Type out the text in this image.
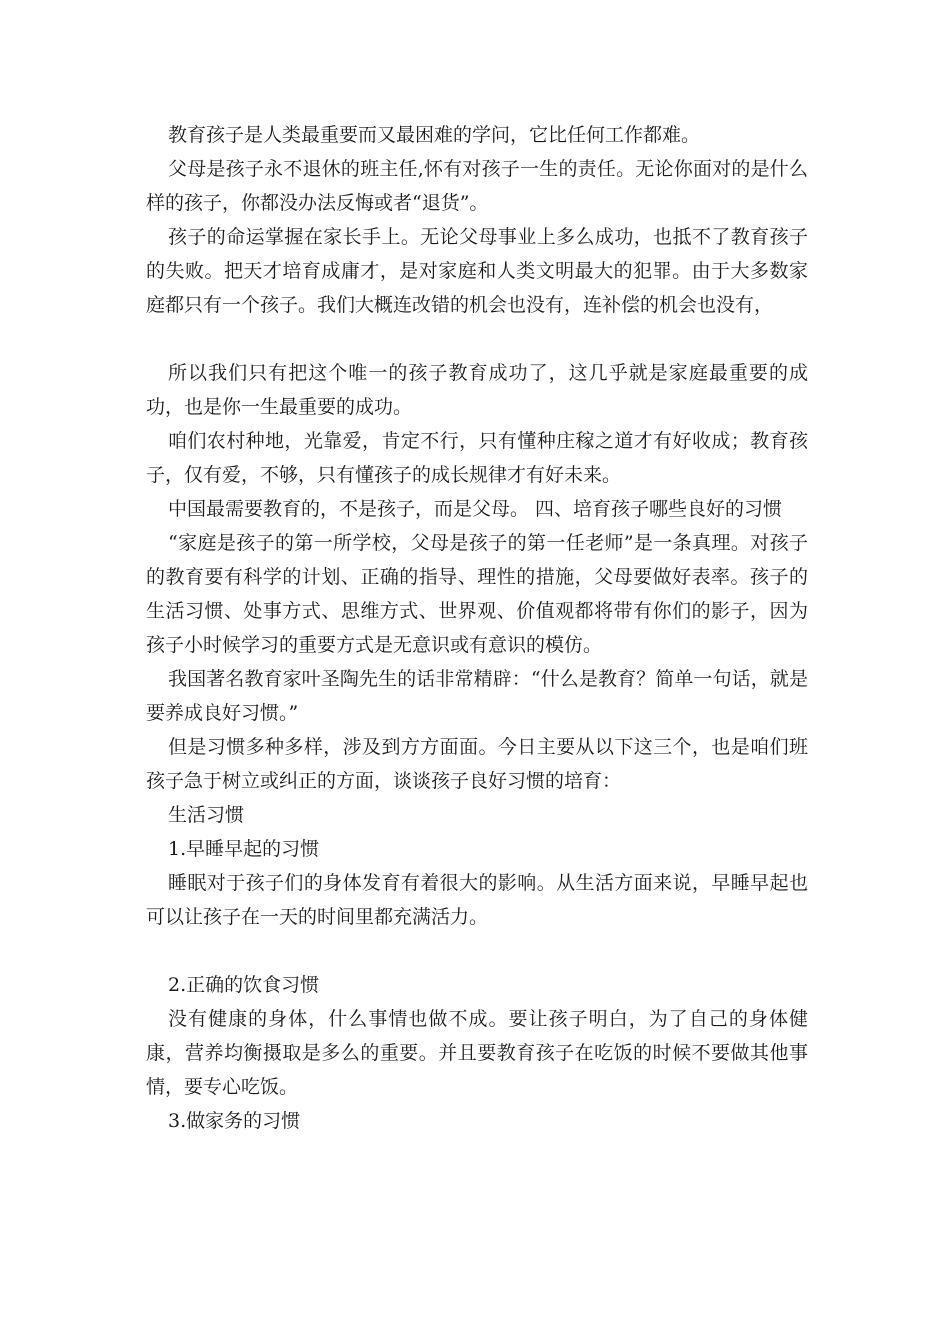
教育孩子是人类最重要而又最困难的学问，它比任何工作都难。

父母是孩子永不退休的班主任,怀有对孩子一生的责任。无论你面对的是什么样的孩子，你都没办法反悔或者“退货”。

孩子的命运掌握在家长手上。无论父母事业上多么成功，也抵不了教育孩子的失败。把天才培育成庸才，是对家庭和人类文明最大的犯罪。由于大多数家庭都只有一个孩子。我们大概连改错的机会也没有，连补偿的机会也没有，

所以我们只有把这个唯一的孩子教育成功了，这几乎就是家庭最重要的成功，也是你一生最重要的成功。

咱们农村种地，光靠爱，肯定不行，只有懂种庄稼之道才有好收成；教育孩子，仅有爱，不够，只有懂孩子的成长规律才有好未来。

中国最需要教育的，不是孩子，而是父母。 四、培育孩子哪些良好的习惯

“家庭是孩子的第一所学校，父母是孩子的第一任老师”是一条真理。对孩子的教育要有科学的计划、正确的指导、理性的措施，父母要做好表率。孩子的生活习惯、处事方式、思维方式、世界观、价值观都将带有你们的影子，因为孩子小时候学习的重要方式是无意识或有意识的模仿。

我国著名教育家叶圣陶先生的话非常精辟：“什么是教育？简单一句话，就是要养成良好习惯。”

但是习惯多种多样，涉及到方方面面。今日主要从以下这三个，也是咱们班孩子急于树立或纠正的方面，谈谈孩子良好习惯的培育：

生活习惯

1.早睡早起的习惯

睡眠对于孩子们的身体发育有着很大的影响。从生活方面来说，早睡早起也可以让孩子在一天的时间里都充满活力。

2.正确的饮食习惯

没有健康的身体，什么事情也做不成。要让孩子明白，为了自己的身体健康，营养均衡摄取是多么的重要。并且要教育孩子在吃饭的时候不要做其他事情，要专心吃饭。

3.做家务的习惯
